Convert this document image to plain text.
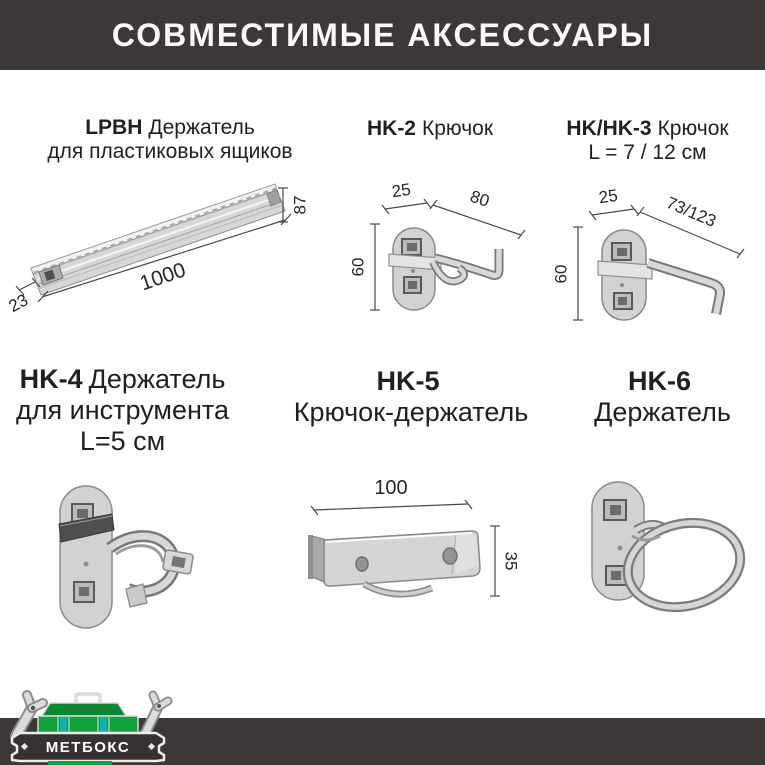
СОВМЕСТИМЫЕ АКСЕССУАРЫ
LPBH Держатель
для пластиковых ящиков
HK-2 Крючок	HK/HK-3 Крючок
L = 7 / 12 см
87
1000
23
25	80
60
25	73/123
60
HK-4 Держатель
для инструмента
L=5 см
HK-5
Крючок-держатель
HK-6
Держатель
100
35
МЕТБОКС
